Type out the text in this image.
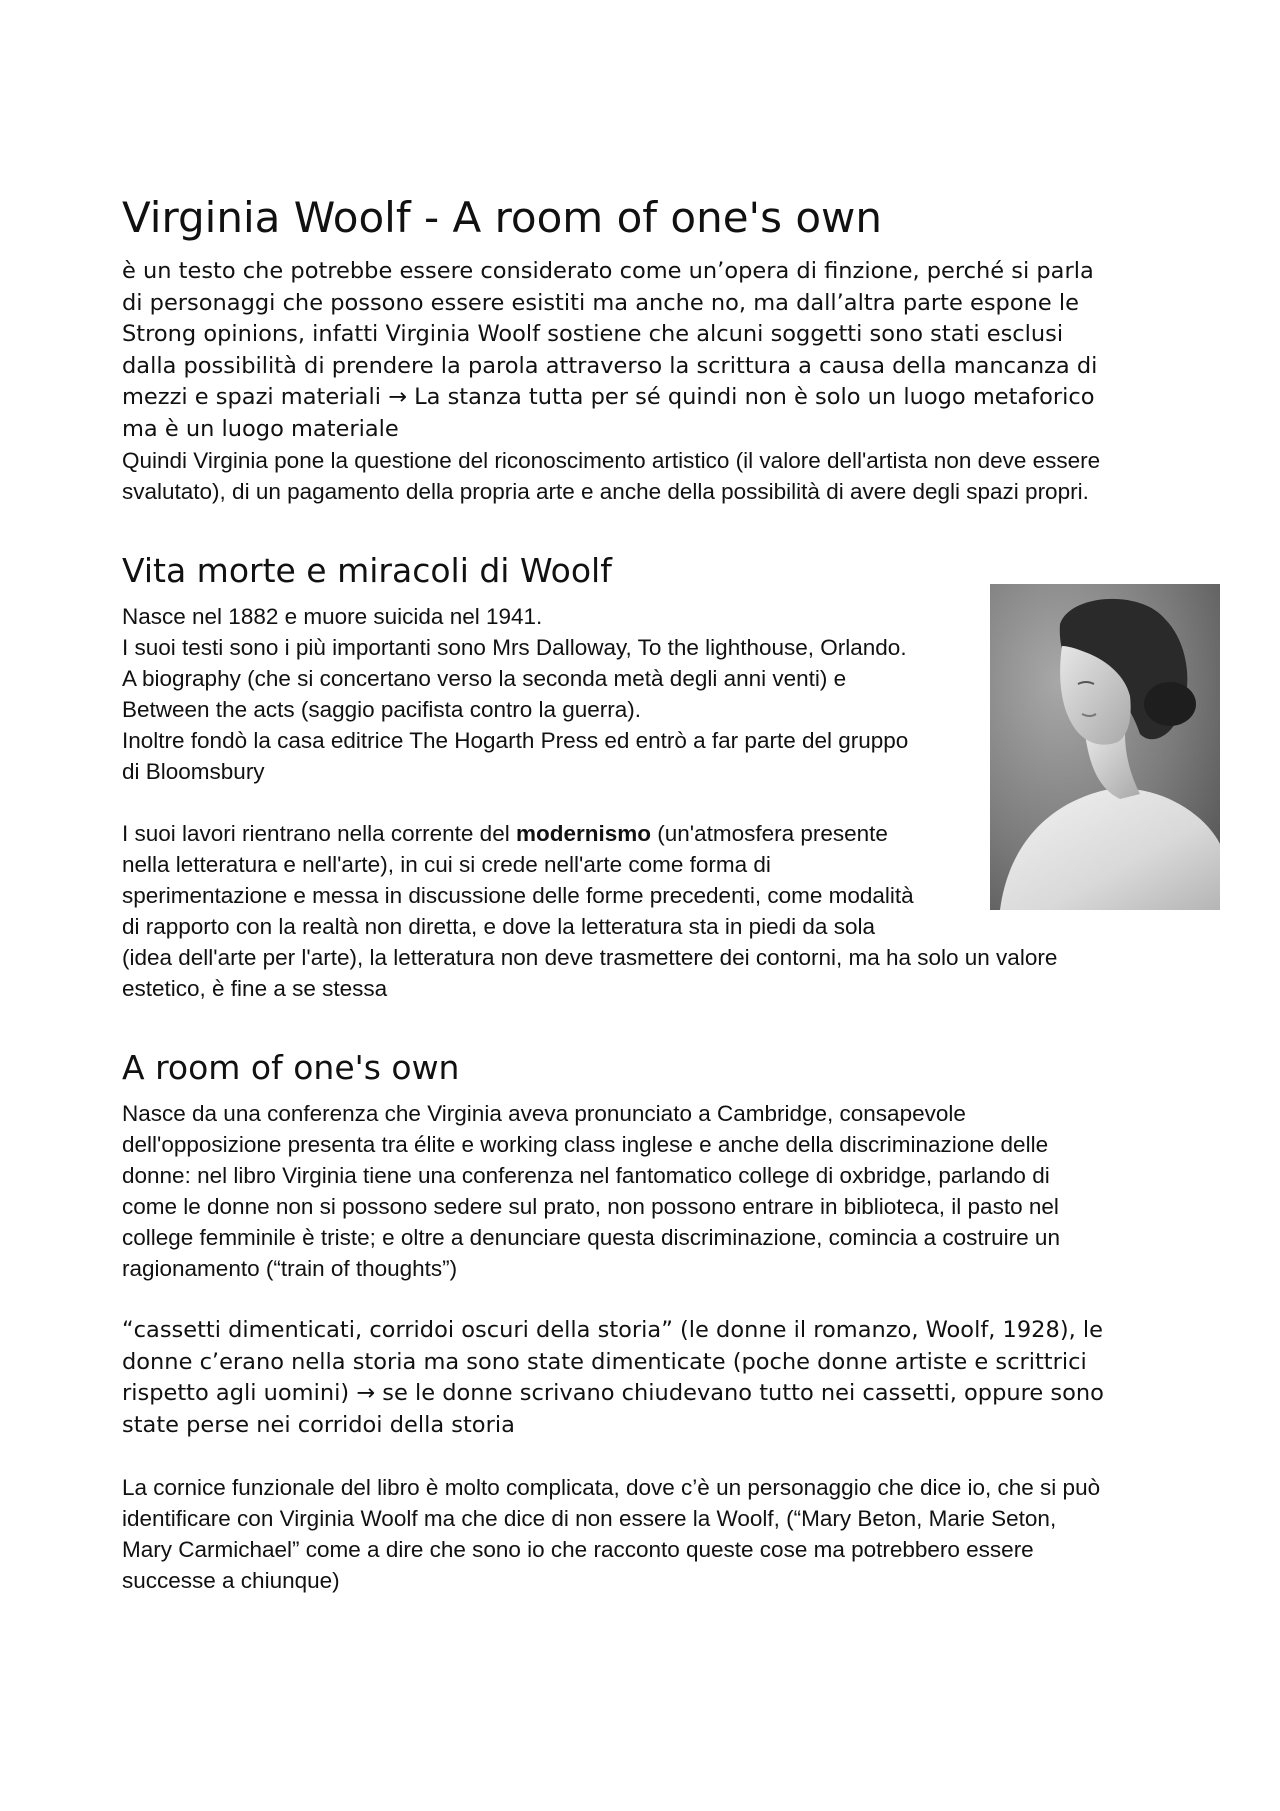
Virginia Woolf - A room of one's own
è un testo che potrebbe essere considerato come un’opera di finzione, perché si parla
di personaggi che possono essere esistiti ma anche no, ma dall’altra parte espone le
Strong opinions, infatti Virginia Woolf sostiene che alcuni soggetti sono stati esclusi
dalla possibilità di prendere la parola attraverso la scrittura a causa della mancanza di
mezzi e spazi materiali → La stanza tutta per sé quindi non è solo un luogo metaforico
ma è un luogo materiale
Quindi Virginia pone la questione del riconoscimento artistico (il valore dell'artista non deve essere
svalutato), di un pagamento della propria arte e anche della possibilità di avere degli spazi propri.
Vita morte e miracoli di Woolf
Nasce nel 1882 e muore suicida nel 1941.
I suoi testi sono i più importanti sono Mrs Dalloway, To the lighthouse, Orlando.
A biography (che si concertano verso la seconda metà degli anni venti) e
Between the acts (saggio pacifista contro la guerra).
Inoltre fondò la casa editrice The Hogarth Press ed entrò a far parte del gruppo
di Bloomsbury
I suoi lavori rientrano nella corrente del modernismo (un'atmosfera presente
nella letteratura e nell'arte), in cui si crede nell'arte come forma di
sperimentazione e messa in discussione delle forme precedenti, come modalità
di rapporto con la realtà non diretta, e dove la letteratura sta in piedi da sola
(idea dell'arte per l'arte), la letteratura non deve trasmettere dei contorni, ma ha solo un valore
estetico, è fine a se stessa
A room of one's own
Nasce da una conferenza che Virginia aveva pronunciato a Cambridge, consapevole
dell'opposizione presenta tra élite e working class inglese e anche della discriminazione delle
donne: nel libro Virginia tiene una conferenza nel fantomatico college di oxbridge, parlando di
come le donne non si possono sedere sul prato, non possono entrare in biblioteca, il pasto nel
college femminile è triste; e oltre a denunciare questa discriminazione, comincia a costruire un
ragionamento (“train of thoughts”)
“cassetti dimenticati, corridoi oscuri della storia” (le donne il romanzo, Woolf, 1928), le
donne c’erano nella storia ma sono state dimenticate (poche donne artiste e scrittrici
rispetto agli uomini) → se le donne scrivano chiudevano tutto nei cassetti, oppure sono
state perse nei corridoi della storia
La cornice funzionale del libro è molto complicata, dove c’è un personaggio che dice io, che si può
identificare con Virginia Woolf ma che dice di non essere la Woolf, (“Mary Beton, Marie Seton,
Mary Carmichael” come a dire che sono io che racconto queste cose ma potrebbero essere
successe a chiunque)
